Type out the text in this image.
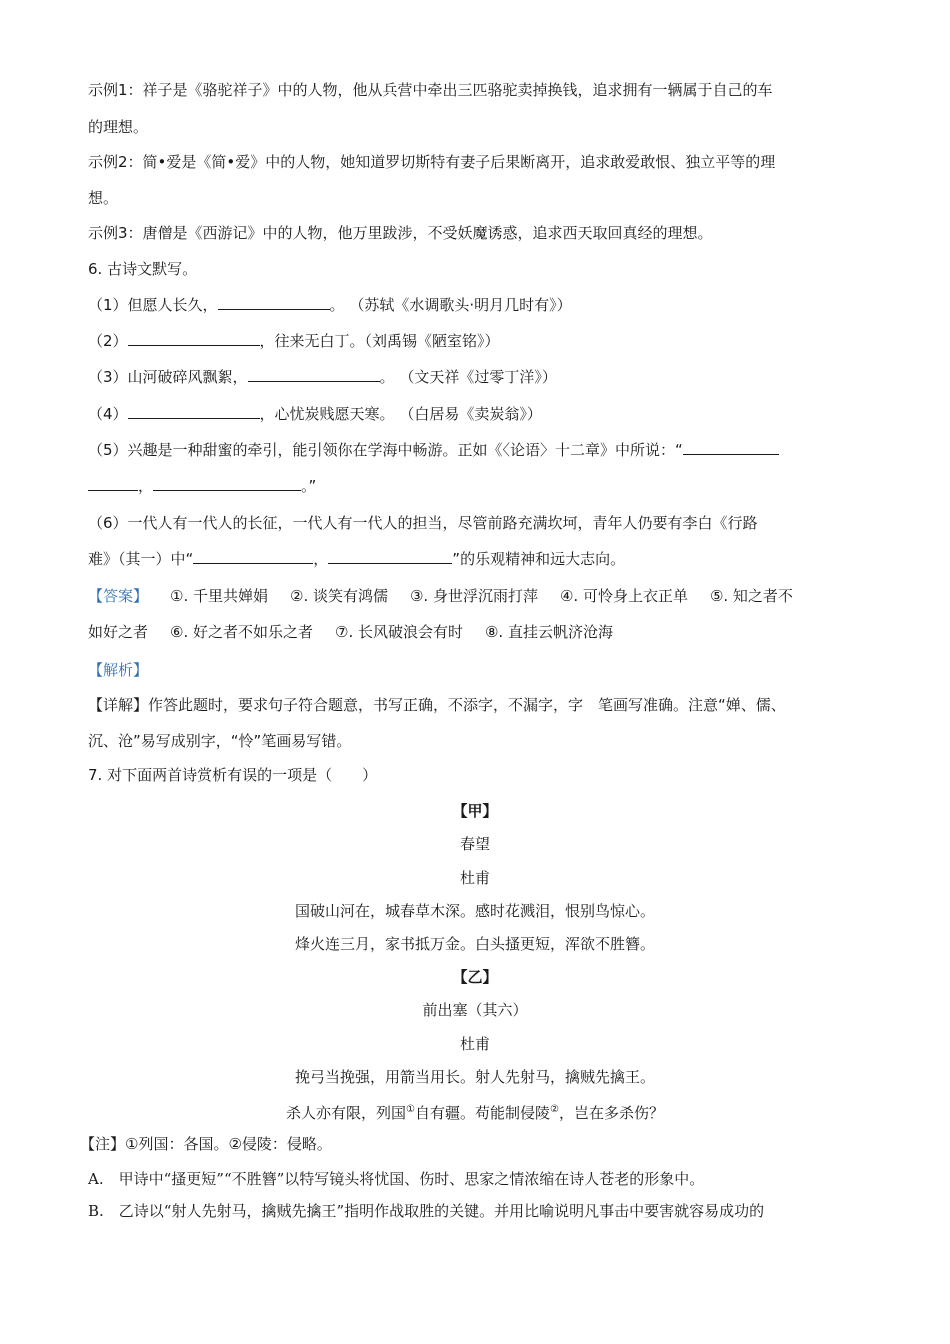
示例1：祥子是《骆驼祥子》中的人物，他从兵营中牵出三匹骆驼卖掉换钱，追求拥有一辆属于自己的车
的理想。
示例2：简•爱是《简•爱》中的人物，她知道罗切斯特有妻子后果断离开，追求敢爱敢恨、独立平等的理
想。
示例3：唐僧是《西游记》中的人物，他万里跋涉，不受妖魔诱惑，追求西天取回真经的理想。
6. 古诗文默写。
（1）但愿人长久，	。 （苏轼《水调歌头·明月几时有》）
（2）	，往来无白丁。（刘禹锡《陋室铭》）
（3）山河破碎风飘絮，	。 （文天祥《过零丁洋》）
（4）	，心忧炭贱愿天寒。 （白居易《卖炭翁》）
（5）兴趣是一种甜蜜的牵引，能引领你在学海中畅游。正如《〈论语〉十二章》中所说：“
，	。”
（6）一代人有一代人的长征，一代人有一代人的担当，尽管前路充满坎坷，青年人仍要有李白《行路
难》（其一）中“	，	”的乐观精神和远大志向。
【答案】 ①. 千里共婵娟 ②. 谈笑有鸿儒 ③. 身世浮沉雨打萍 ④. 可怜身上衣正单 ⑤. 知之者不
如好之者 ⑥. 好之者不如乐之者 ⑦. 长风破浪会有时 ⑧. 直挂云帆济沧海
【解析】
【详解】作答此题时，要求句子符合题意，书写正确，不添字，不漏字，字　笔画写准确。注意“婵、儒、
沉、沧”易写成别字，“怜”笔画易写错。
7. 对下面两首诗赏析有误的一项是（　　）
【甲】
春望
杜甫
国破山河在，城春草木深。感时花溅泪，恨别鸟惊心。
烽火连三月，家书抵万金。白头搔更短，浑欲不胜簪。
【乙】
前出塞（其六）
杜甫
挽弓当挽强，用箭当用长。射人先射马，擒贼先擒王。
杀人亦有限，列国①自有疆。苟能制侵陵②，岂在多杀伤？
【注】①列国：各国。②侵陵：侵略。
A.　甲诗中“搔更短”“不胜簪”以特写镜头将忧国、伤时、思家之情浓缩在诗人苍老的形象中。
B.　乙诗以“射人先射马，擒贼先擒王”指明作战取胜的关键。并用比喻说明凡事击中要害就容易成功的
